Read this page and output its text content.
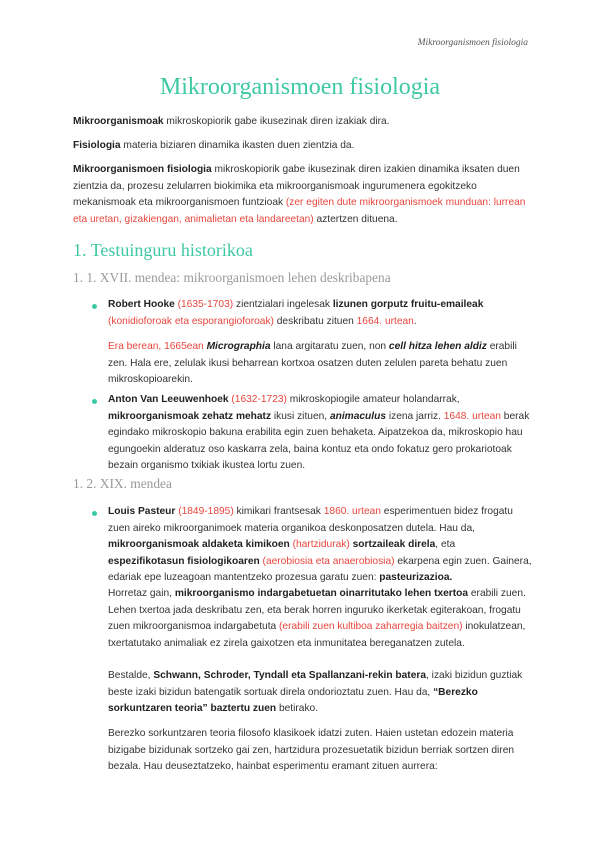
Mikroorganismoen fisiologia
Mikroorganismoen fisiologia

Mikroorganismoak mikroskopiorik gabe ikusezinak diren izakiak dira.

Fisiologia materia biziaren dinamika ikasten duen zientzia da.

Mikroorganismoen fisiologia mikroskopiorik gabe ikusezinak diren izakien dinamika iksaten duen zientzia da, prozesu zelularren biokimika eta mikroorganismoak ingurumenera egokitzeko mekanismoak eta mikroorganismoen funtzioak (zer egiten dute mikroorganismoek munduan: lurrean eta uretan, gizakiengan, animalietan eta landareetan) aztertzen dituena.

1. Testuinguru historikoa
1. 1. XVII. mendea: mikroorganismoen lehen deskribapena

Robert Hooke (1635-1703) zientzialari ingelesak lizunen gorputz fruitu-emaileak (konidioforoak eta esporangioforoak) deskribatu zituen 1664. urtean.

Era berean, 1665ean Micrographia lana argitaratu zuen, non cell hitza lehen aldiz erabili zen. Hala ere, zelulak ikusi beharrean kortxoa osatzen duten zelulen pareta behatu zuen mikroskopioarekin.

Anton Van Leeuwenhoek (1632-1723) mikroskopiogile amateur holandarrak, mikroorganismoak zehatz mehatz ikusi zituen, animaculus izena jarriz. 1648. urtean berak egindako mikroskopio bakuna erabilita egin zuen behaketa. Aipatzekoa da, mikroskopio hau egungoekin alderatuz oso kaskarra zela, baina kontuz eta ondo fokatuz gero prokariotoak bezain organismo txikiak ikustea lortu zuen.

1. 2. XIX. mendea

Louis Pasteur (1849-1895) kimikari frantsesak 1860. urtean esperimentuen bidez frogatu zuen aireko mikroorganimoek materia organikoa deskonposatzen dutela. Hau da, mikroorganismoak aldaketa kimikoen (hartzidurak) sortzaileak direla, eta espezifikotasun fisiologikoaren (aerobiosia eta anaerobiosia) ekarpena egin zuen. Gainera, edariak epe luzeagoan mantentzeko prozesua garatu zuen: pasteurizazioa.

Horretaz gain, mikroorganismo indargabetuetan oinarritutako lehen txertoa erabili zuen. Lehen txertoa jada deskribatu zen, eta berak horren inguruko ikerketak egiterakoan, frogatu zuen mikroorganismoa indargabetuta (erabili zuen kultiboa zaharregia baitzen) inokulatzean, txertatutako animaliak ez zirela gaixotzen eta inmunitatea bereganatzen zutela.

Bestalde, Schwann, Schroder, Tyndall eta Spallanzani-rekin batera, izaki bizidun guztiak beste izaki bizidun batengatik sortuak direla ondorioztatu zuen. Hau da, “Berezko sorkuntzaren teoria” baztertu zuen betirako.

Berezko sorkuntzaren teoria filosofo klasikoek idatzi zuten. Haien ustetan edozein materia bizigabe bizidunak sortzeko gai zen, hartzidura prozesuetatik bizidun berriak sortzen diren bezala. Hau deuseztatzeko, hainbat esperimentu eramant zituen aurrera:
